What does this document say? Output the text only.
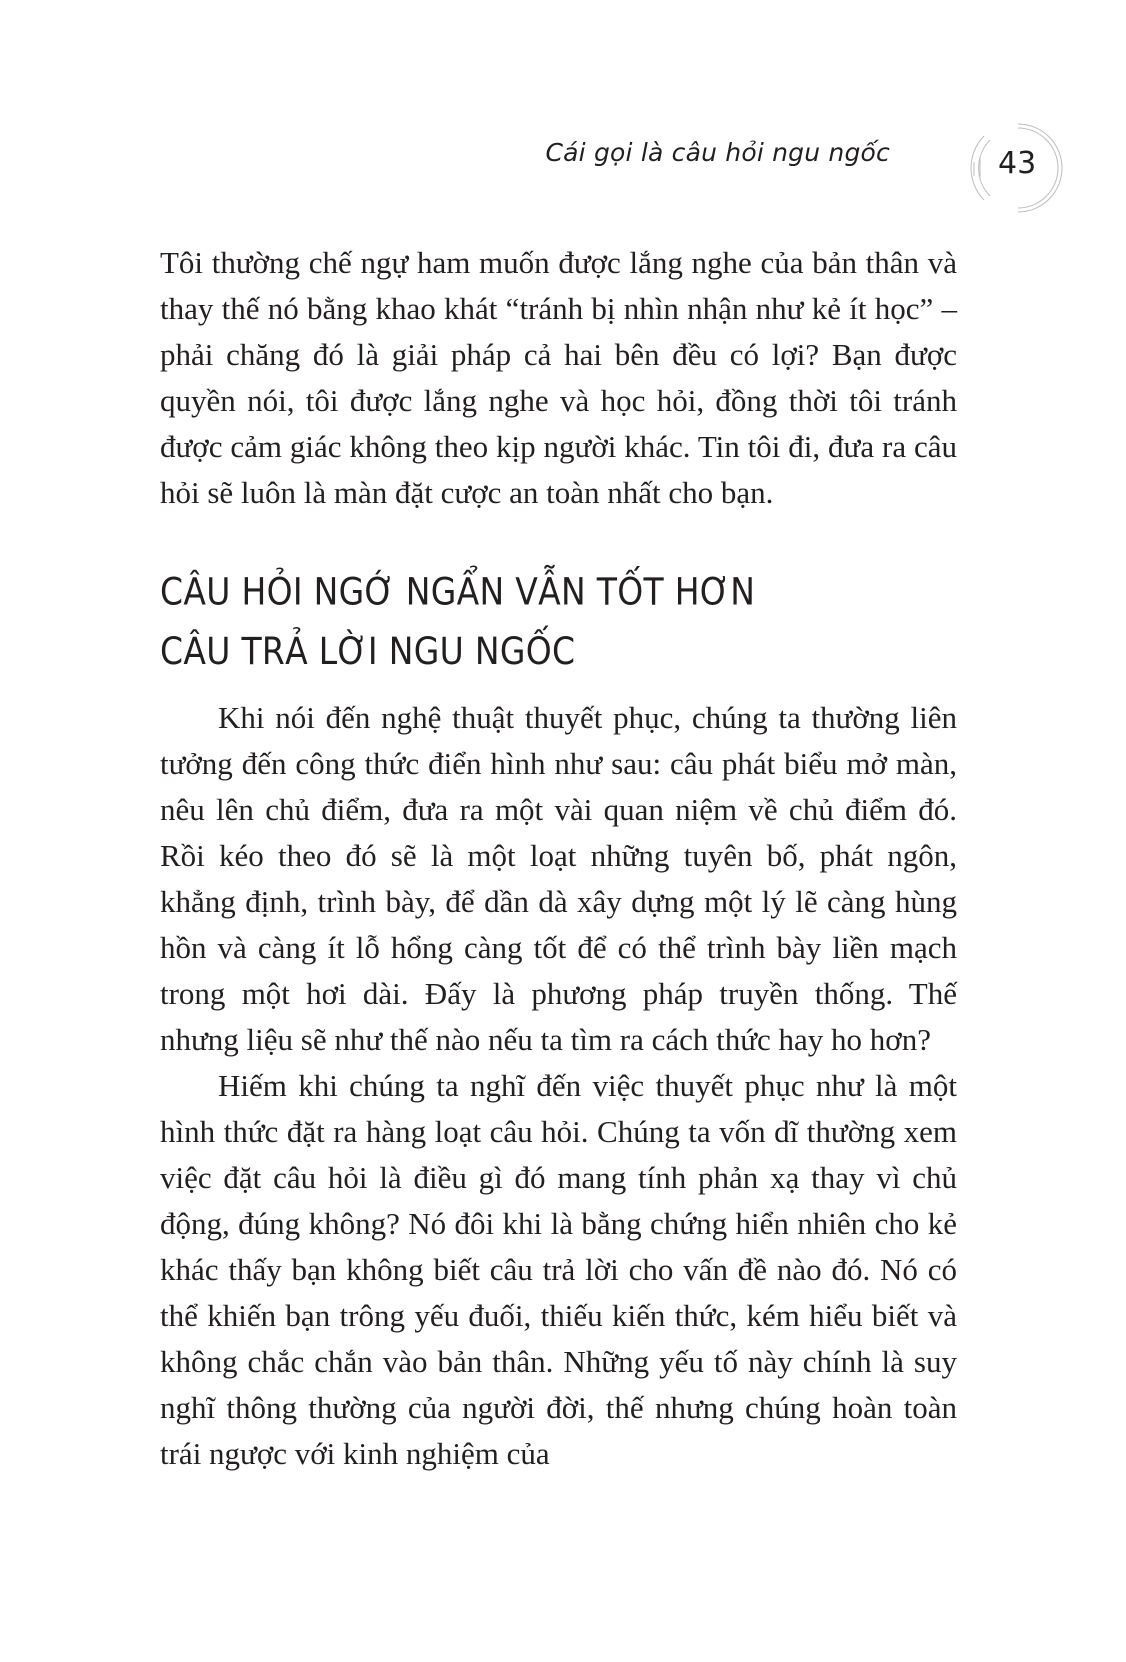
Cái gọi là câu hỏi ngu ngốc	43

Tôi thường chế ngự ham muốn được lắng nghe của bản thân và thay thế nó bằng khao khát “tránh bị nhìn nhận như kẻ ít học” – phải chăng đó là giải pháp cả hai bên đều có lợi? Bạn được quyền nói, tôi được lắng nghe và học hỏi, đồng thời tôi tránh được cảm giác không theo kịp người khác. Tin tôi đi, đưa ra câu hỏi sẽ luôn là màn đặt cược an toàn nhất cho bạn.

CÂU HỎI NGỚ NGẨN VẪN TỐT HƠN
CÂU TRẢ LỜI NGU NGỐC

Khi nói đến nghệ thuật thuyết phục, chúng ta thường liên tưởng đến công thức điển hình như sau: câu phát biểu mở màn, nêu lên chủ điểm, đưa ra một vài quan niệm về chủ điểm đó. Rồi kéo theo đó sẽ là một loạt những tuyên bố, phát ngôn, khẳng định, trình bày, để dần dà xây dựng một lý lẽ càng hùng hồn và càng ít lỗ hổng càng tốt để có thể trình bày liền mạch trong một hơi dài. Đấy là phương pháp truyền thống. Thế nhưng liệu sẽ như thế nào nếu ta tìm ra cách thức hay ho hơn?

Hiếm khi chúng ta nghĩ đến việc thuyết phục như là một hình thức đặt ra hàng loạt câu hỏi. Chúng ta vốn dĩ thường xem việc đặt câu hỏi là điều gì đó mang tính phản xạ thay vì chủ động, đúng không? Nó đôi khi là bằng chứng hiển nhiên cho kẻ khác thấy bạn không biết câu trả lời cho vấn đề nào đó. Nó có thể khiến bạn trông yếu đuối, thiếu kiến thức, kém hiểu biết và không chắc chắn vào bản thân. Những yếu tố này chính là suy nghĩ thông thường của người đời, thế nhưng chúng hoàn toàn trái ngược với kinh nghiệm của
